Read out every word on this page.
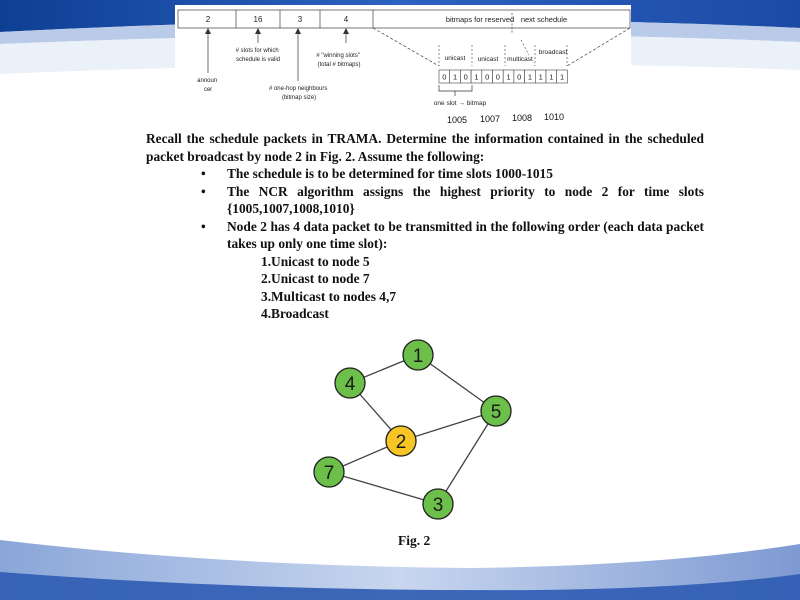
2	16	3	4	bitmaps for reserved next schedule
announ cer
# slots for which schedule is valid
# "winning slots" (total # bitmaps)
# one-hop neighbours (bitmap size)
unicast unicast multicast
broadcast
0 1 0 1 0 0 1 0 1 1 1 1
one slot → bitmap
1005 1007 1008 1010

Recall the schedule packets in TRAMA. Determine the information contained in the scheduled packet broadcast by node 2 in Fig. 2. Assume the following:

• The schedule is to be determined for time slots 1000-1015
• The NCR algorithm assigns the highest priority to node 2 for time slots {1005,1007,1008,1010}
• Node 2 has 4 data packet to be transmitted in the following order (each data packet takes up only one time slot):
1.Unicast to node 5
2.Unicast to node 7
3.Multicast to nodes 4,7
4.Broadcast
1
4
5
2
7
3
Fig. 2
